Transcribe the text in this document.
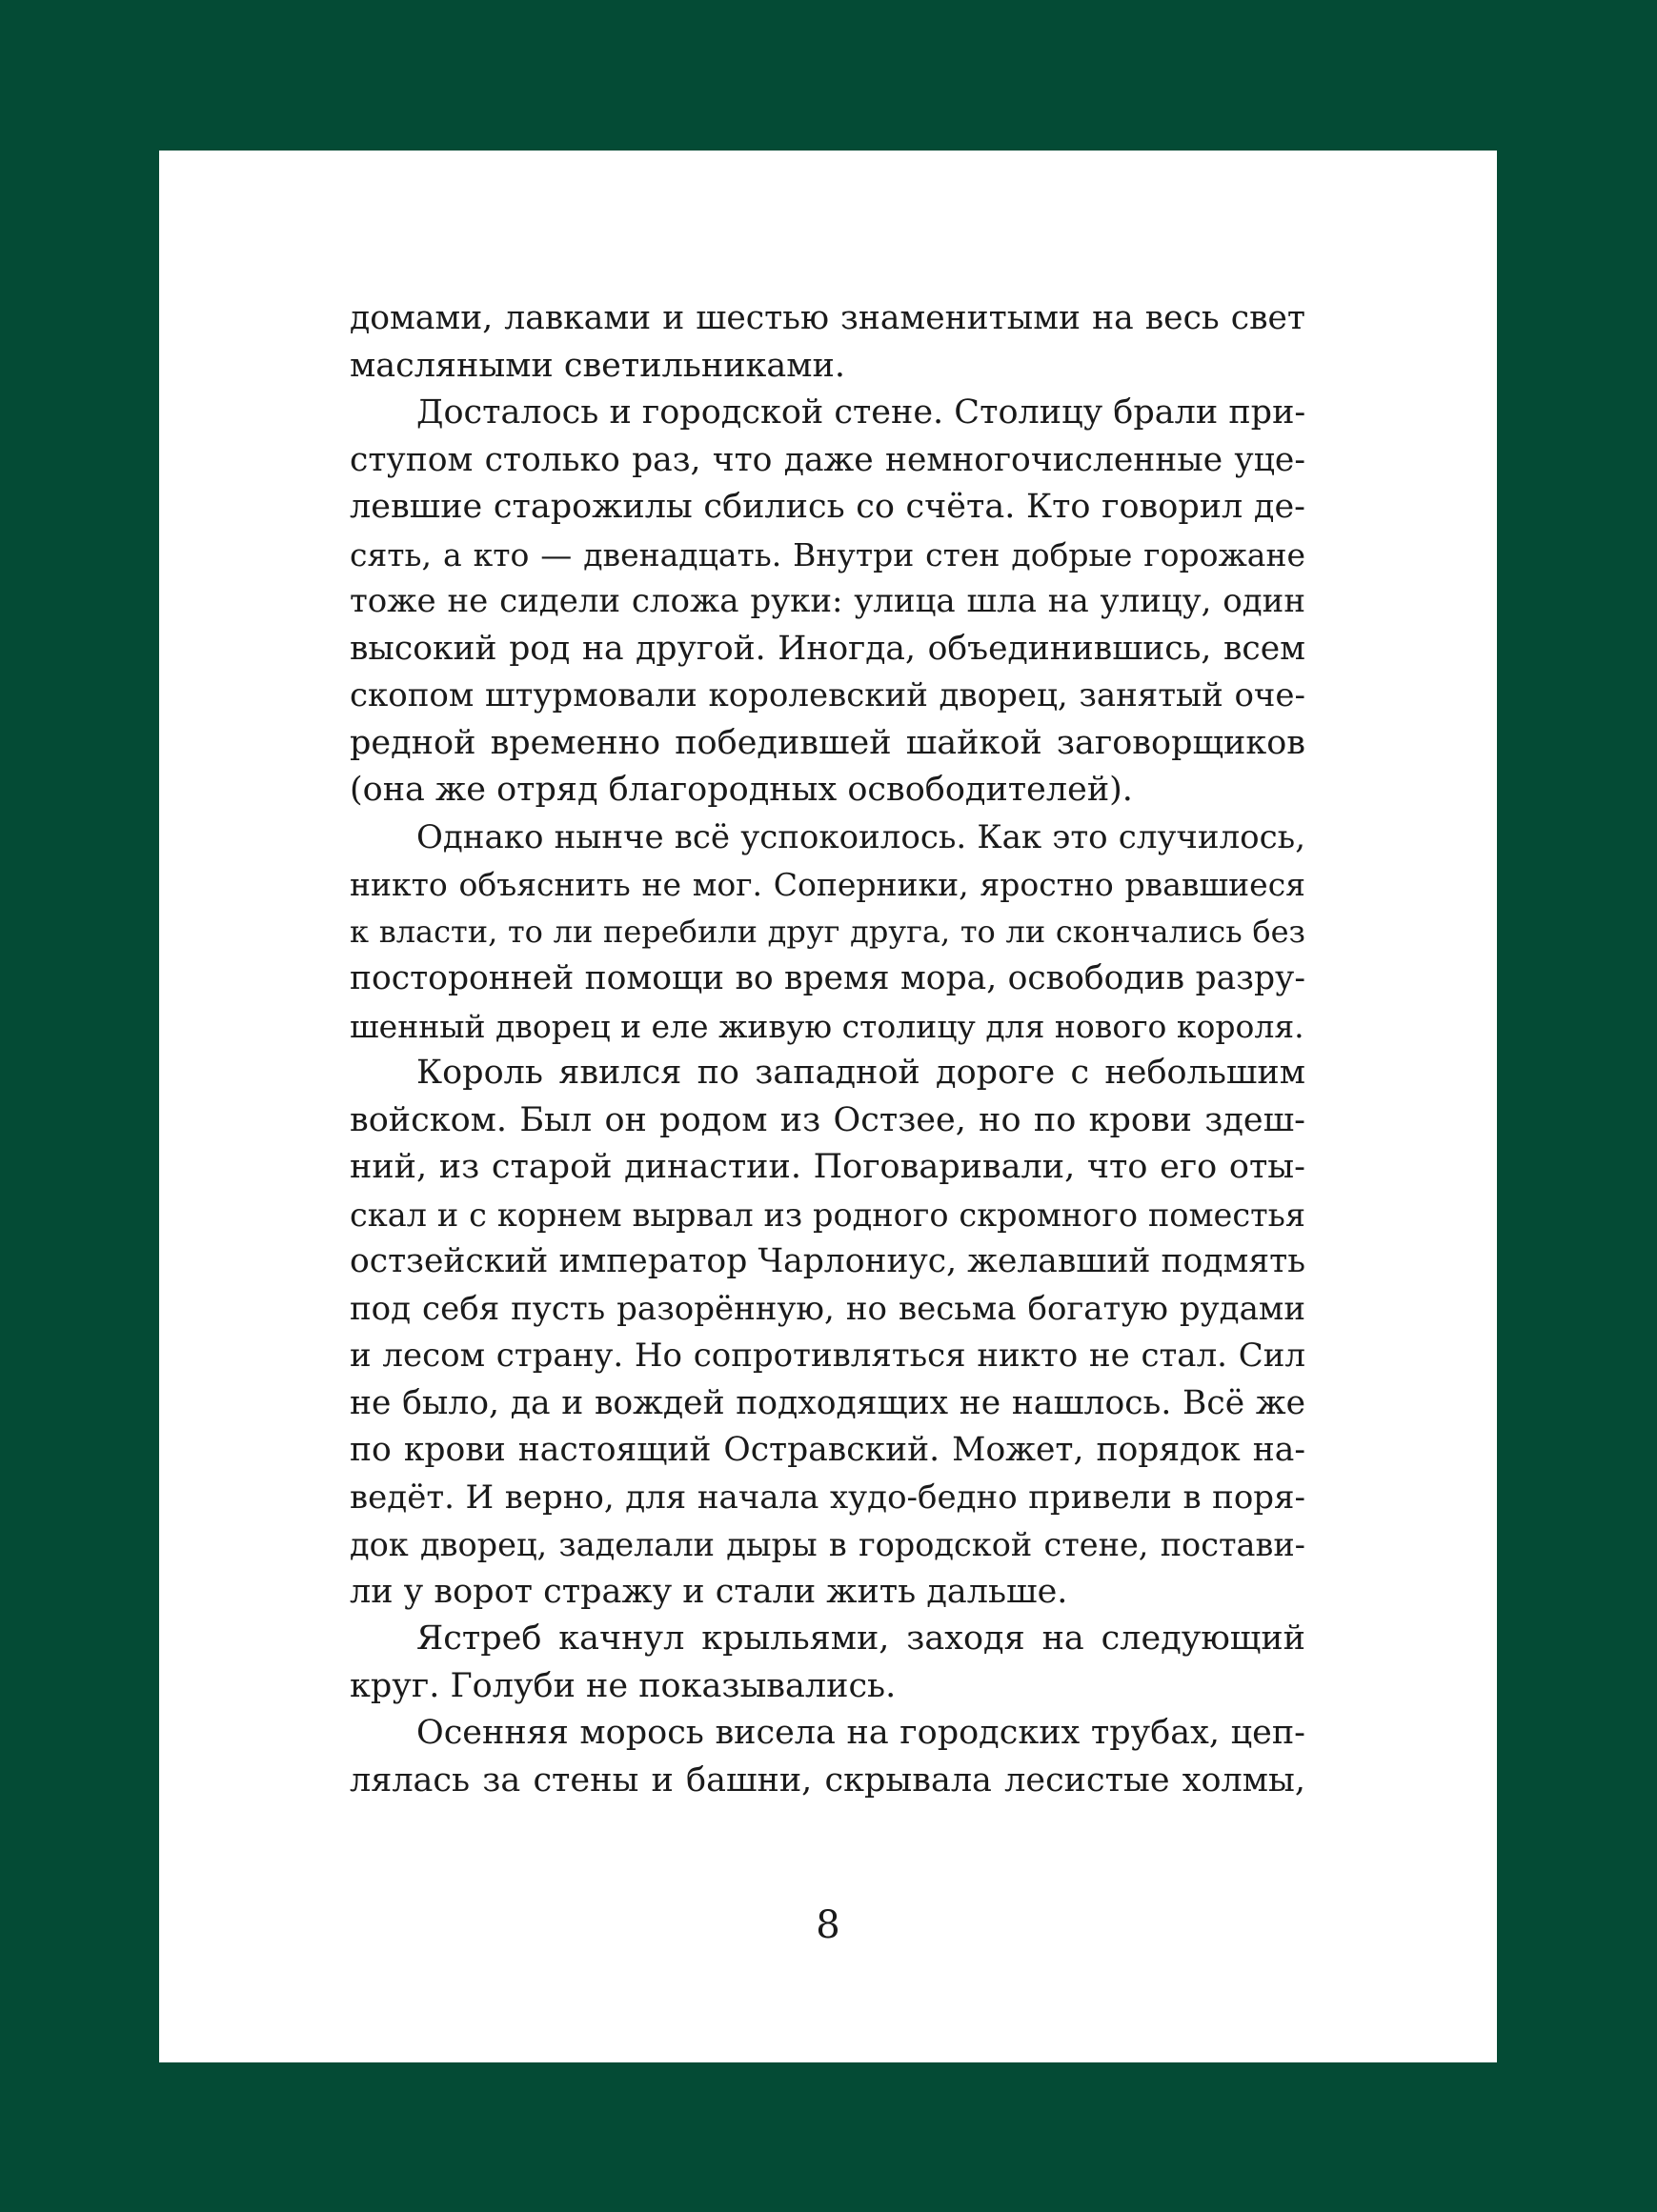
домами, лавками и шестью знаменитыми на весь свет
масляными светильниками.
Досталось и городской стене. Столицу брали при-
ступом столько раз, что даже немногочисленные уце-
левшие старожилы сбились со счёта. Кто говорил де-
сять, а кто — двенадцать. Внутри стен добрые горожане
тоже не сидели сложа руки: улица шла на улицу, один
высокий род на другой. Иногда, объединившись, всем
скопом штурмовали королевский дворец, занятый оче-
редной временно победившей шайкой заговорщиков
(она же отряд благородных освободителей).
Однако нынче всё успокоилось. Как это случилось,
никто объяснить не мог. Соперники, яростно рвавшиеся
к власти, то ли перебили друг друга, то ли скончались без
посторонней помощи во время мора, освободив разру-
шенный дворец и еле живую столицу для нового короля.
Король явился по западной дороге с небольшим
войском. Был он родом из Остзее, но по крови здеш-
ний, из старой династии. Поговаривали, что его оты-
скал и с корнем вырвал из родного скромного поместья
остзейский император Чарлониус, желавший подмять
под себя пусть разорённую, но весьма богатую рудами
и лесом страну. Но сопротивляться никто не стал. Сил
не было, да и вождей подходящих не нашлось. Всё же
по крови настоящий Остравский. Может, порядок на-
ведёт. И верно, для начала худо-бедно привели в поря-
док дворец, заделали дыры в городской стене, постави-
ли у ворот стражу и стали жить дальше.
Ястреб качнул крыльями, заходя на следующий
круг. Голуби не показывались.
Осенняя морось висела на городских трубах, цеп-
лялась за стены и башни, скрывала лесистые холмы,
8
